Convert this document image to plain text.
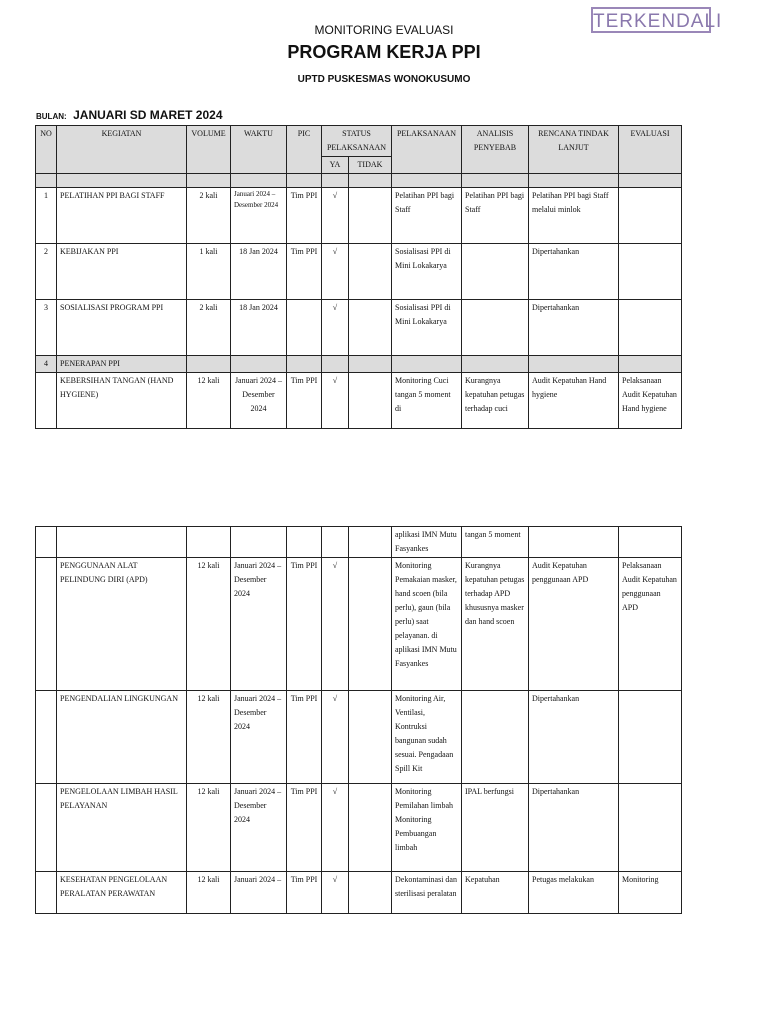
TERKENDALI
MONITORING EVALUASI
PROGRAM KERJA PPI
UPTD PUSKESMAS WONOKUSUMO
BULAN: JANUARI SD MARET 2024
NO	KEGIATAN	VOLUME	WAKTU	PIC	STATUS PELAKSANAAN		PELAKSANAAN	ANALISIS PENYEBAB	RENCANA TINDAK LANJUT	EVALUASI
					YA	TIDAK				

1	PELATIHAN PPI BAGI STAFF	2 kali	Januari 2024 – Desember 2024	Tim PPI	√		Pelatihan PPI bagi Staff	Pelatihan PPI bagi Staff	Pelatihan PPI bagi Staff melalui minlok	
2	KEBIJAKAN PPI	1 kali	18 Jan 2024	Tim PPI	√		Sosialisasi PPI di Mini Lokakarya		Dipertahankan	
3	SOSIALISASI PROGRAM PPI	2 kali	18 Jan 2024		√		Sosialisasi PPI di Mini Lokakarya		Dipertahankan	
4	PENERAPAN PPI									
	KEBERSIHAN TANGAN (HAND HYGIENE)	12 kali	Januari 2024 – Desember 2024	Tim PPI	√		Monitoring Cuci tangan 5 moment di	Kurangnya kepatuhan petugas terhadap cuci	Audit Kepatuhan Hand hygiene	Pelaksanaan Audit Kepatuhan Hand hygiene
							aplikasi IMN Mutu Fasyankes	tangan 5 moment		
	PENGGUNAAN ALAT PELINDUNG DIRI (APD)	12 kali	Januari 2024 – Desember 2024	Tim PPI	√		Monitoring Pemakaian masker, hand scoen (bila perlu), gaun (bila perlu) saat pelayanan. di aplikasi IMN Mutu Fasyankes	Kurangnya kepatuhan petugas terhadap APD khususnya masker dan hand scoen	Audit Kepatuhan penggunaan APD	Pelaksanaan Audit Kepatuhan penggunaan APD
	PENGENDALIAN LINGKUNGAN	12 kali	Januari 2024 – Desember 2024	Tim PPI	√		Monitoring Air, Ventilasi, Kontruksi bangunan sudah sesuai. Pengadaan Spill Kit		Dipertahankan	
	PENGELOLAAN LIMBAH HASIL PELAYANAN	12 kali	Januari 2024 – Desember 2024	Tim PPI	√		Monitoring Pemilahan limbah Monitoring Pembuangan limbah	IPAL berfungsi	Dipertahankan	
	KESEHATAN PENGELOLAAN PERALATAN PERAWATAN	12 kali	Januari 2024 –	Tim PPI	√		Dekontaminasi dan sterilisasi peralatan	Kepatuhan	Petugas melakukan	Monitoring
